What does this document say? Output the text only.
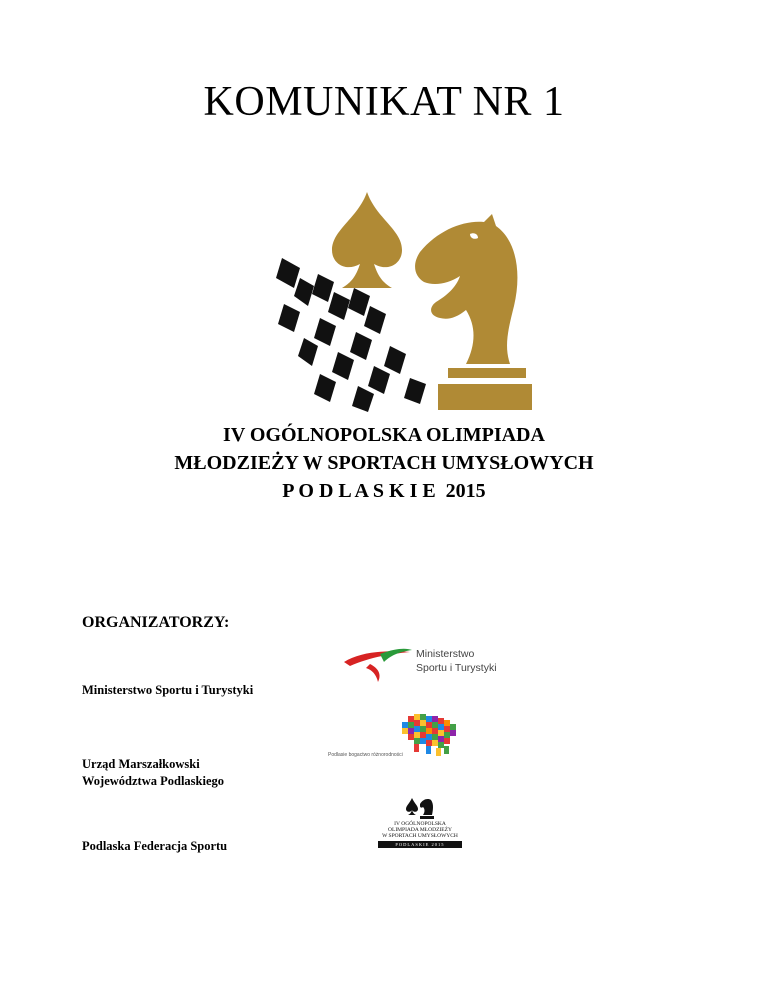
KOMUNIKAT NR 1
IV OGÓLNOPOLSKA OLIMPIADA
MŁODZIEŻY W SPORTACH UMYSŁOWYCH
P O D L A S K I E  2015
ORGANIZATORZY:
Ministerstwo Sportu i Turystyki
Urząd Marszałkowski
Województwa Podlaskiego
Podlaska Federacja Sportu
Ministerstwo
Sportu i Turystyki
Podlasie bogactwo różnorodności
IV OGÓLNOPOLSKA
OLIMPIADA MŁODZIEŻY
W SPORTACH UMYSŁOWYCH
PODLASKIE 2015
